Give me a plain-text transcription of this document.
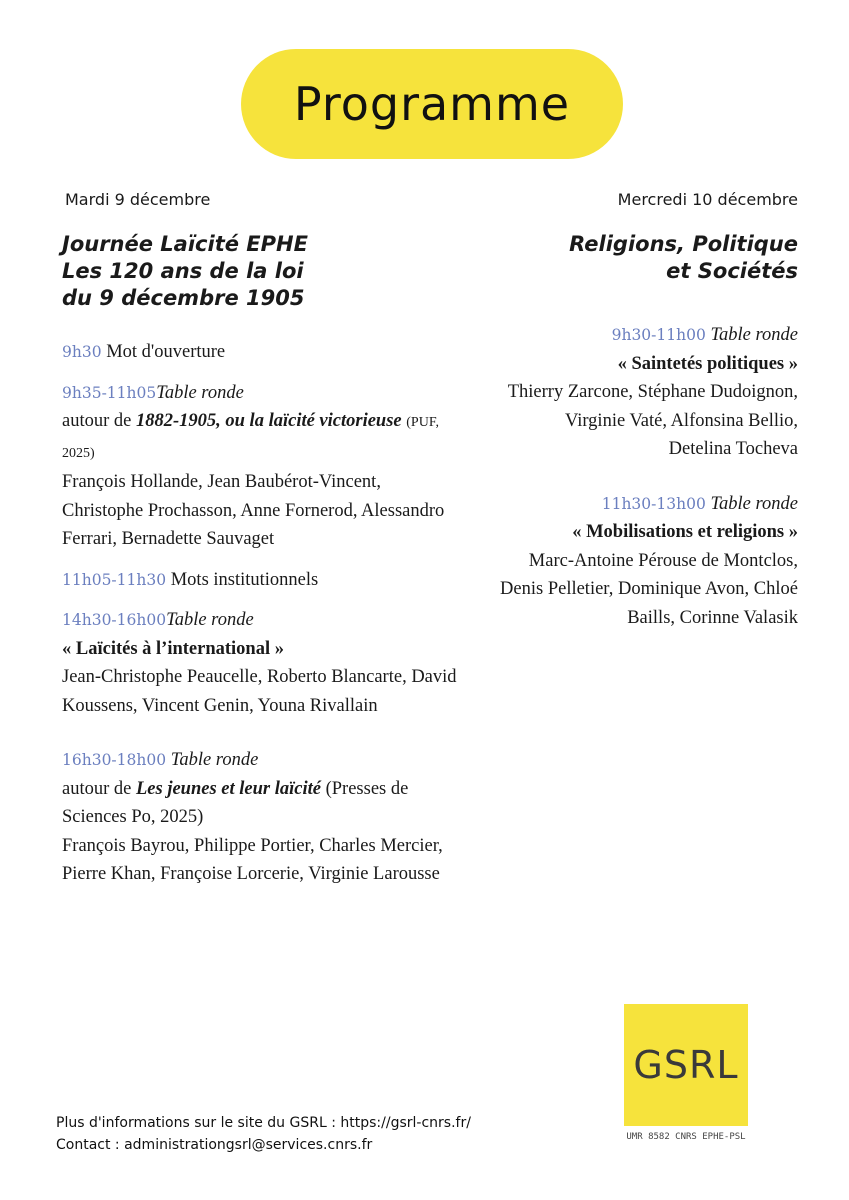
Programme
Mardi 9 décembre
Journée Laïcité EPHE
Les 120 ans de la loi
du 9 décembre 1905
9h30 Mot d'ouverture
9h35-11h05Table ronde
autour de 1882-1905, ou la laïcité victorieuse (PUF, 2025)
François Hollande, Jean Baubérot-Vincent, Christophe Prochasson, Anne Fornerod, Alessandro Ferrari, Bernadette Sauvaget
11h05-11h30 Mots institutionnels
14h30-16h00Table ronde
« Laïcités à l’international »
Jean-Christophe Peaucelle, Roberto Blancarte, David Koussens, Vincent Genin, Youna Rivallain
16h30-18h00 Table ronde
autour de Les jeunes et leur laïcité (Presses de Sciences Po, 2025)
François Bayrou, Philippe Portier, Charles Mercier, Pierre Khan, Françoise Lorcerie, Virginie Larousse
Mercredi 10 décembre
Religions, Politique
et Sociétés
9h30-11h00 Table ronde
« Saintetés politiques »
Thierry Zarcone, Stéphane Dudoignon, Virginie Vaté, Alfonsina Bellio, Detelina Tocheva
11h30-13h00 Table ronde
« Mobilisations et religions »
Marc-Antoine Pérouse de Montclos, Denis Pelletier, Dominique Avon, Chloé Baills, Corinne Valasik
Plus d'informations sur le site du GSRL : https://gsrl-cnrs.fr/
Contact : administrationgsrl@services.cnrs.fr
GSRL
UMR 8582 CNRS EPHE-PSL
